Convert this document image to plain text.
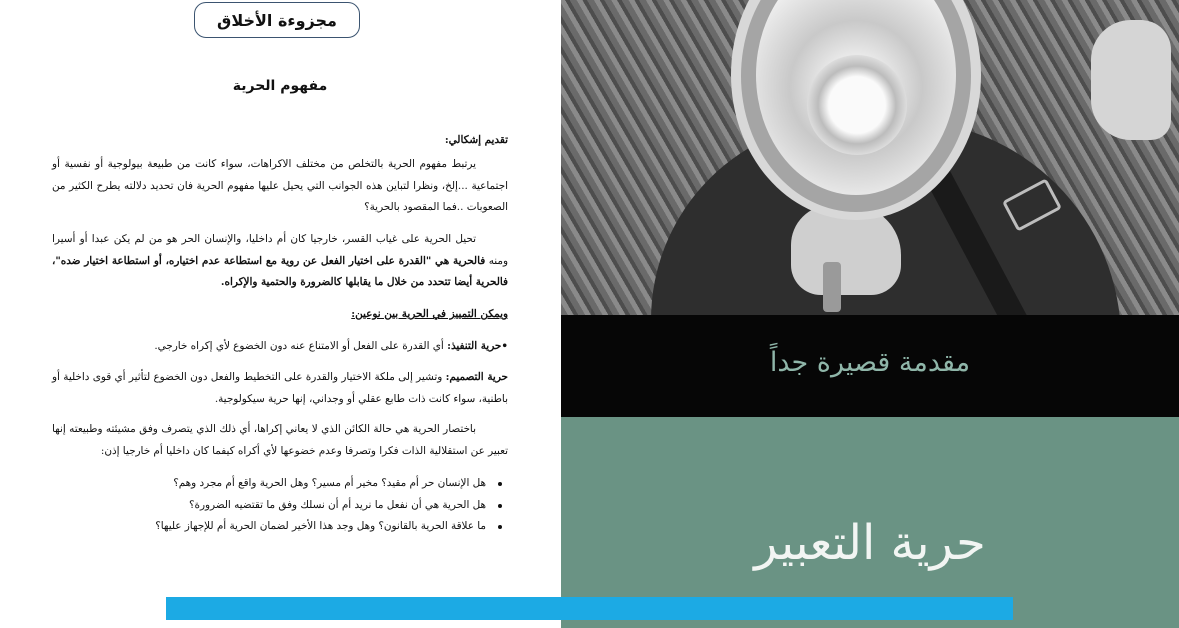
مجزوءة الأخلاق
مفهوم الحرية

تقديم إشكالي:

يرتبط مفهوم الحرية بالتخلص من مختلف الاكراهات، سواء كانت من طبيعة بيولوجية أو نفسية أو اجتماعية ...إلخ، ونظرا لتباين هذه الجوانب التي يحيل عليها مفهوم الحرية فان تحديد دلالته يطرح الكثير من الصعوبات ..فما المقصود بالحرية؟

تحيل الحرية على غياب القسر، خارجيا كان أم داخليا، والإنسان الحر هو من لم يكن عبدا أو أسيرا ومنه فالحرية هي "القدرة على اختيار الفعل عن روية مع استطاعة عدم اختياره، أو استطاعة اختيار ضده"، فالحرية أيضا تتحدد من خلال ما يقابلها كالضرورة والحتمية والإكراه.

ويمكن التمييز في الحرية بين نوعين:

•حرية التنفيذ: أي القدرة على الفعل أو الامتناع عنه دون الخضوع لأي إكراه خارجي.

حرية التصميم: وتشير إلى ملكة الاختيار والقدرة على التخطيط والفعل دون الخضوع لتأثير أي قوى داخلية أو باطنية، سواء كانت ذات طابع عقلي أو وجداني، إنها حرية سيكولوجية.

باختصار الحرية هي حالة الكائن الذي لا يعاني إكراها، أي ذلك الذي يتصرف وفق مشيئته وطبيعته إنها تعبير عن استقلالية الذات فكرا وتصرفا وعدم خضوعها لأي أكراه كيفما كان داخليا أم خارجيا إذن:

هل الإنسان حر أم مقيد؟ مخير أم مسير؟ وهل الحرية واقع أم مجرد وهم؟
هل الحرية هي أن نفعل ما نريد أم أن نسلك وفق ما تقتضيه الضرورة؟
ما علاقة الحرية بالقانون؟ وهل وجد هذا الأخير لضمان الحرية أم للإجهاز عليها؟
مقدمة قصيرة جداً
حرية التعبير
